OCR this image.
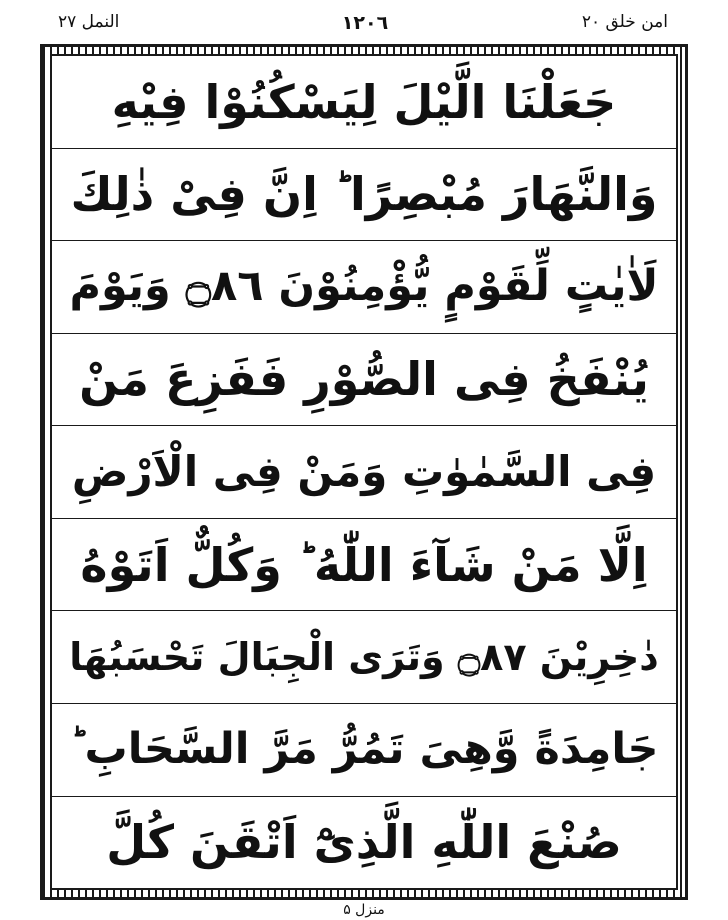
النمل ٢٧	١٢٠٦	امن خلق ٢٠
جَعَلْنَا الَّیْلَ لِیَسْكُنُوْا فِیْهِ
وَالنَّهَارَ مُبْصِرًا ؕ اِنَّ فِیْ ذٰلِكَ
لَاٰیٰتٍ لِّقَوْمٍ یُّؤْمِنُوْنَ ۝٨٦ وَیَوْمَ
یُنْفَخُ فِی الصُّوْرِ فَفَزِعَ مَنْ
فِی السَّمٰوٰتِ وَمَنْ فِی الْاَرْضِ
اِلَّا مَنْ شَآءَ اللّٰهُ ؕ وَكُلٌّ اَتَوْهُ
دٰخِرِیْنَ ۝٨٧ وَتَرَی الْجِبَالَ تَحْسَبُهَا
جَامِدَةً وَّهِیَ تَمُرُّ مَرَّ السَّحَابِ ؕ
صُنْعَ اللّٰهِ الَّذِیْٓ اَتْقَنَ كُلَّ
منزل ۵
